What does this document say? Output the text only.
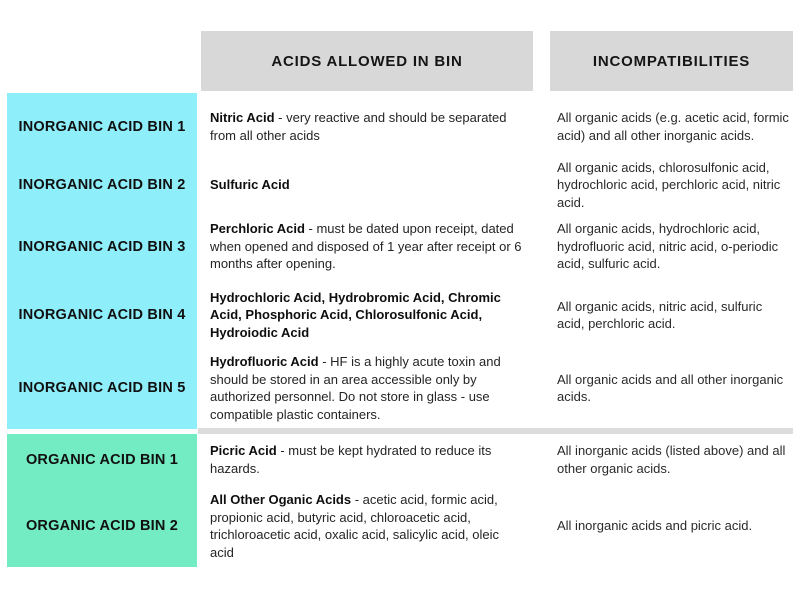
ACIDS ALLOWED IN BIN	INCOMPATIBILITIES
INORGANIC ACID BIN 1

Nitric Acid - very reactive and should be separated from all other acids

All organic acids (e.g. acetic acid, formic acid) and all other inorganic acids.
INORGANIC ACID BIN 2	Sulfuric Acid

All organic acids, chlorosulfonic acid, hydrochloric acid, perchloric acid, nitric acid.
INORGANIC ACID BIN 3

Perchloric Acid - must be dated upon receipt, dated when opened and disposed of 1 year after receipt or 6 months after opening.

All organic acids, hydrochloric acid, hydrofluoric acid, nitric acid, o-periodic acid, sulfuric acid.
INORGANIC ACID BIN 4

Hydrochloric Acid, Hydrobromic Acid, Chromic Acid, Phosphoric Acid, Chlorosulfonic Acid, Hydroiodic Acid

All organic acids, nitric acid, sulfuric acid, perchloric acid.
INORGANIC ACID BIN 5

Hydrofluoric Acid - HF is a highly acute toxin and should be stored in an area accessible only by authorized personnel. Do not store in glass - use compatible plastic containers.

All organic acids and all other inorganic acids.
ORGANIC ACID BIN 1

Picric Acid - must be kept hydrated to reduce its hazards.

All inorganic acids (listed above) and all other organic acids.
ORGANIC ACID BIN 2

All Other Oganic Acids - acetic acid, formic acid, propionic acid, butyric acid, chloroacetic acid, trichloroacetic acid, oxalic acid, salicylic acid, oleic acid

All inorganic acids and picric acid.
